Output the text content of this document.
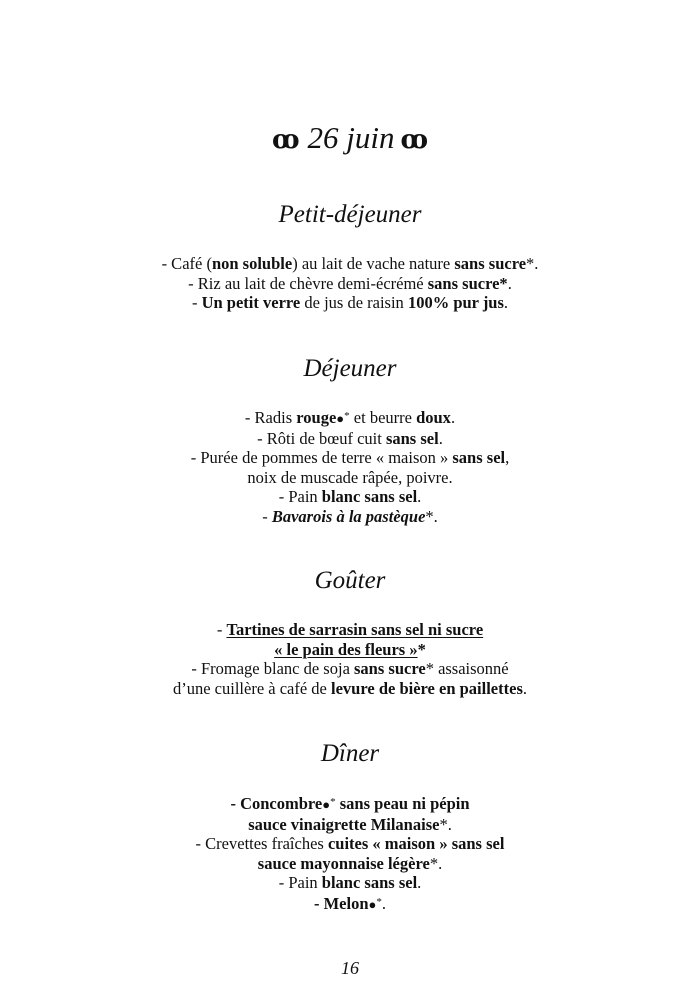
ꝏ 26 juin ꝏ
Petit-déjeuner
- Café (non soluble) au lait de vache nature sans sucre*.
- Riz au lait de chèvre demi-écrémé sans sucre*.
- Un petit verre de jus de raisin 100% pur jus.
Déjeuner
- Radis rouge●* et beurre doux.
- Rôti de bœuf cuit sans sel.
- Purée de pommes de terre « maison » sans sel,
noix de muscade râpée, poivre.
- Pain blanc sans sel.
- Bavarois à la pastèque*.
Goûter
- Tartines de sarrasin sans sel ni sucre
« le pain des fleurs »*
- Fromage blanc de soja sans sucre* assaisonné
d’une cuillère à café de levure de bière en paillettes.
Dîner
- Concombre●* sans peau ni pépin
sauce vinaigrette Milanaise*.
- Crevettes fraîches cuites « maison » sans sel
sauce mayonnaise légère*.
- Pain blanc sans sel.
- Melon●*.
16
